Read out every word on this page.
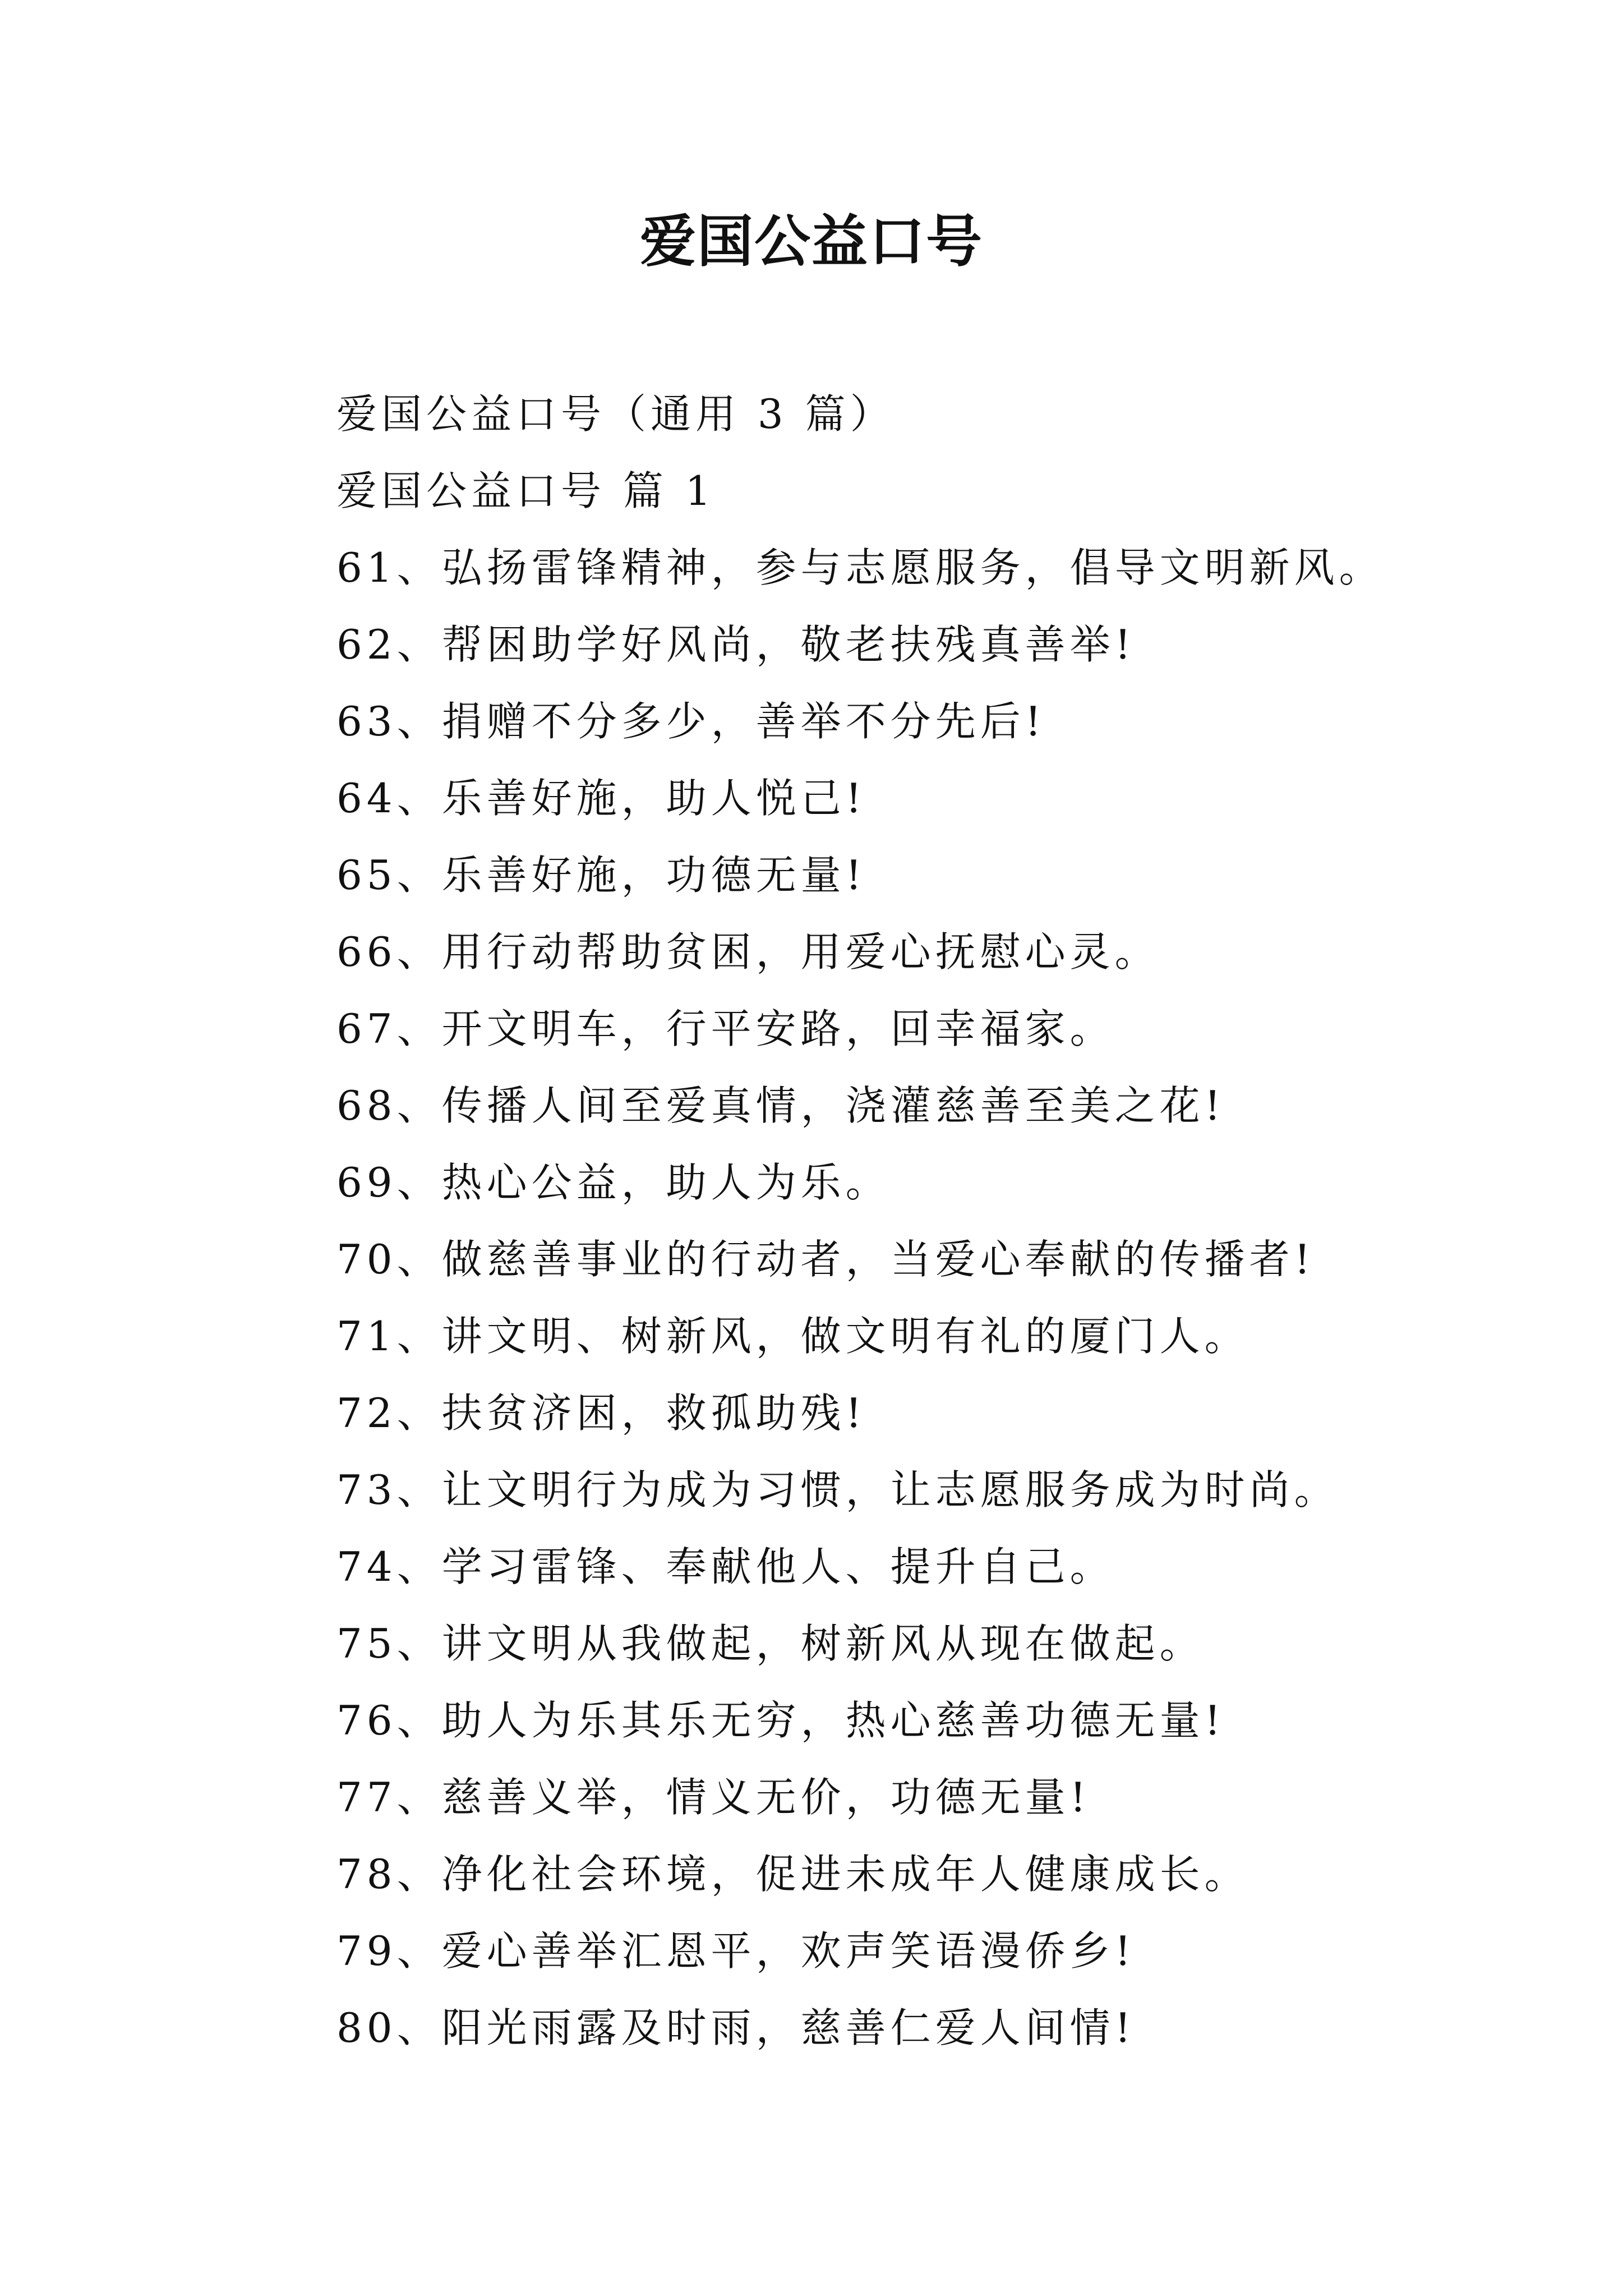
爱国公益口号
爱国公益口号（通用 3 篇）
爱国公益口号 篇 1
61、弘扬雷锋精神，参与志愿服务，倡导文明新风。
62、帮困助学好风尚，敬老扶残真善举!
63、捐赠不分多少，善举不分先后!
64、乐善好施，助人悦己!
65、乐善好施，功德无量!
66、用行动帮助贫困，用爱心抚慰心灵。
67、开文明车，行平安路，回幸福家。
68、传播人间至爱真情，浇灌慈善至美之花!
69、热心公益，助人为乐。
70、做慈善事业的行动者，当爱心奉献的传播者!
71、讲文明、树新风，做文明有礼的厦门人。
72、扶贫济困，救孤助残!
73、让文明行为成为习惯，让志愿服务成为时尚。
74、学习雷锋、奉献他人、提升自己。
75、讲文明从我做起，树新风从现在做起。
76、助人为乐其乐无穷，热心慈善功德无量!
77、慈善义举，情义无价，功德无量!
78、净化社会环境，促进未成年人健康成长。
79、爱心善举汇恩平，欢声笑语漫侨乡!
80、阳光雨露及时雨，慈善仁爱人间情!
